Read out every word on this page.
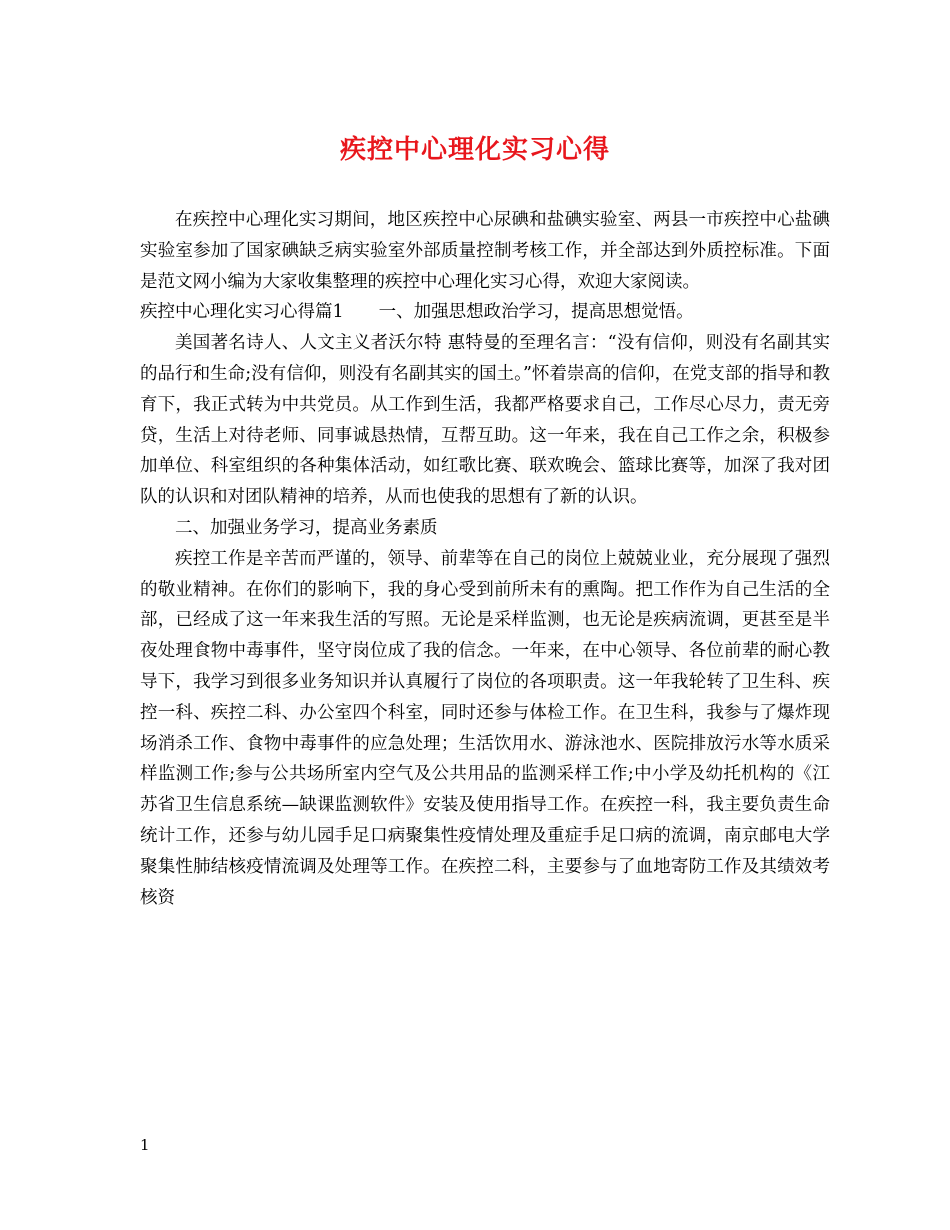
疾控中心理化实习心得

在疾控中心理化实习期间，地区疾控中心尿碘和盐碘实验室、两县一市疾控中心盐碘实验室参加了国家碘缺乏病实验室外部质量控制考核工作，并全部达到外质控标准。下面是范文网小编为大家收集整理的疾控中心理化实习心得，欢迎大家阅读。

疾控中心理化实习心得篇1　　一、加强思想政治学习，提高思想觉悟。

美国著名诗人、人文主义者沃尔特 惠特曼的至理名言：“没有信仰，则没有名副其实的品行和生命;没有信仰，则没有名副其实的国土。”怀着崇高的信仰，在党支部的指导和教育下，我正式转为中共党员。从工作到生活，我都严格要求自己，工作尽心尽力，责无旁贷，生活上对待老师、同事诚恳热情，互帮互助。这一年来，我在自己工作之余，积极参加单位、科室组织的各种集体活动，如红歌比赛、联欢晚会、篮球比赛等，加深了我对团队的认识和对团队精神的培养，从而也使我的思想有了新的认识。

二、加强业务学习，提高业务素质

疾控工作是辛苦而严谨的，领导、前辈等在自己的岗位上兢兢业业，充分展现了强烈的敬业精神。在你们的影响下，我的身心受到前所未有的熏陶。把工作作为自己生活的全部，已经成了这一年来我生活的写照。无论是采样监测，也无论是疾病流调，更甚至是半夜处理食物中毒事件，坚守岗位成了我的信念。一年来，在中心领导、各位前辈的耐心教导下，我学习到很多业务知识并认真履行了岗位的各项职责。这一年我轮转了卫生科、疾控一科、疾控二科、办公室四个科室，同时还参与体检工作。在卫生科，我参与了爆炸现场消杀工作、食物中毒事件的应急处理；生活饮用水、游泳池水、医院排放污水等水质采样监测工作;参与公共场所室内空气及公共用品的监测采样工作;中小学及幼托机构的《江苏省卫生信息系统—缺课监测软件》安装及使用指导工作。在疾控一科，我主要负责生命统计工作，还参与幼儿园手足口病聚集性疫情处理及重症手足口病的流调，南京邮电大学聚集性肺结核疫情流调及处理等工作。在疾控二科，主要参与了血地寄防工作及其绩效考核资

1
